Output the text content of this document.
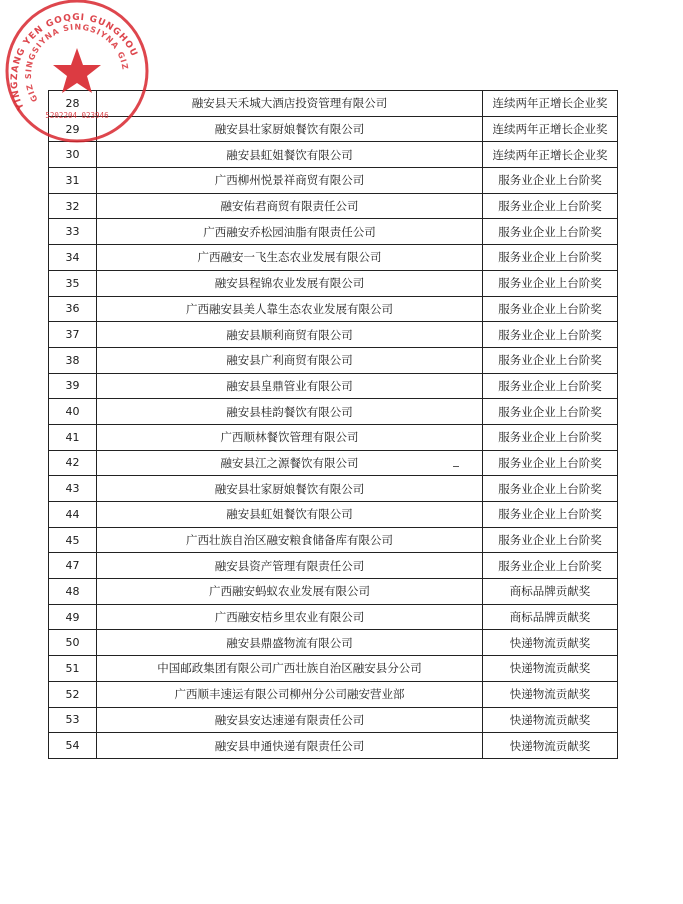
28	融安县天禾城大酒店投资管理有限公司	连续两年正增长企业奖
29	融安县壮家厨娘餐饮有限公司	连续两年正增长企业奖
30	融安县虹姐餐饮有限公司	连续两年正增长企业奖
31	广西柳州悦景祥商贸有限公司	服务业企业上台阶奖
32	融安佑君商贸有限责任公司	服务业企业上台阶奖
33	广西融安乔松园油脂有限责任公司	服务业企业上台阶奖
34	广西融安一飞生态农业发展有限公司	服务业企业上台阶奖
35	融安县程锦农业发展有限公司	服务业企业上台阶奖
36	广西融安县美人靠生态农业发展有限公司	服务业企业上台阶奖
37	融安县顺利商贸有限公司	服务业企业上台阶奖
38	融安县广利商贸有限公司	服务业企业上台阶奖
39	融安县皇鼎管业有限公司	服务业企业上台阶奖
40	融安县桂韵餐饮有限公司	服务业企业上台阶奖
41	广西顺林餐饮管理有限公司	服务业企业上台阶奖
42	融安县江之源餐饮有限公司	服务业企业上台阶奖
43	融安县壮家厨娘餐饮有限公司	服务业企业上台阶奖
44	融安县虹姐餐饮有限公司	服务业企业上台阶奖
45	广西壮族自治区融安粮食储备库有限公司	服务业企业上台阶奖
47	融安县资产管理有限责任公司	服务业企业上台阶奖
48	广西融安蚂蚁农业发展有限公司	商标品牌贡献奖
49	广西融安桔乡里农业有限公司	商标品牌贡献奖
50	融安县鼎盛物流有限公司	快递物流贡献奖
51	中国邮政集团有限公司广西壮族自治区融安县分公司	快递物流贡献奖
52	广西顺丰速运有限公司柳州分公司融安营业部	快递物流贡献奖
53	融安县安达速递有限责任公司	快递物流贡献奖
54	融安县申通快递有限责任公司	快递物流贡献奖
YINGZANG YEN GOQGI GUNGHOU
GIZ SINGSIYNA SINGSIYNA GIZ
5202204 023946
